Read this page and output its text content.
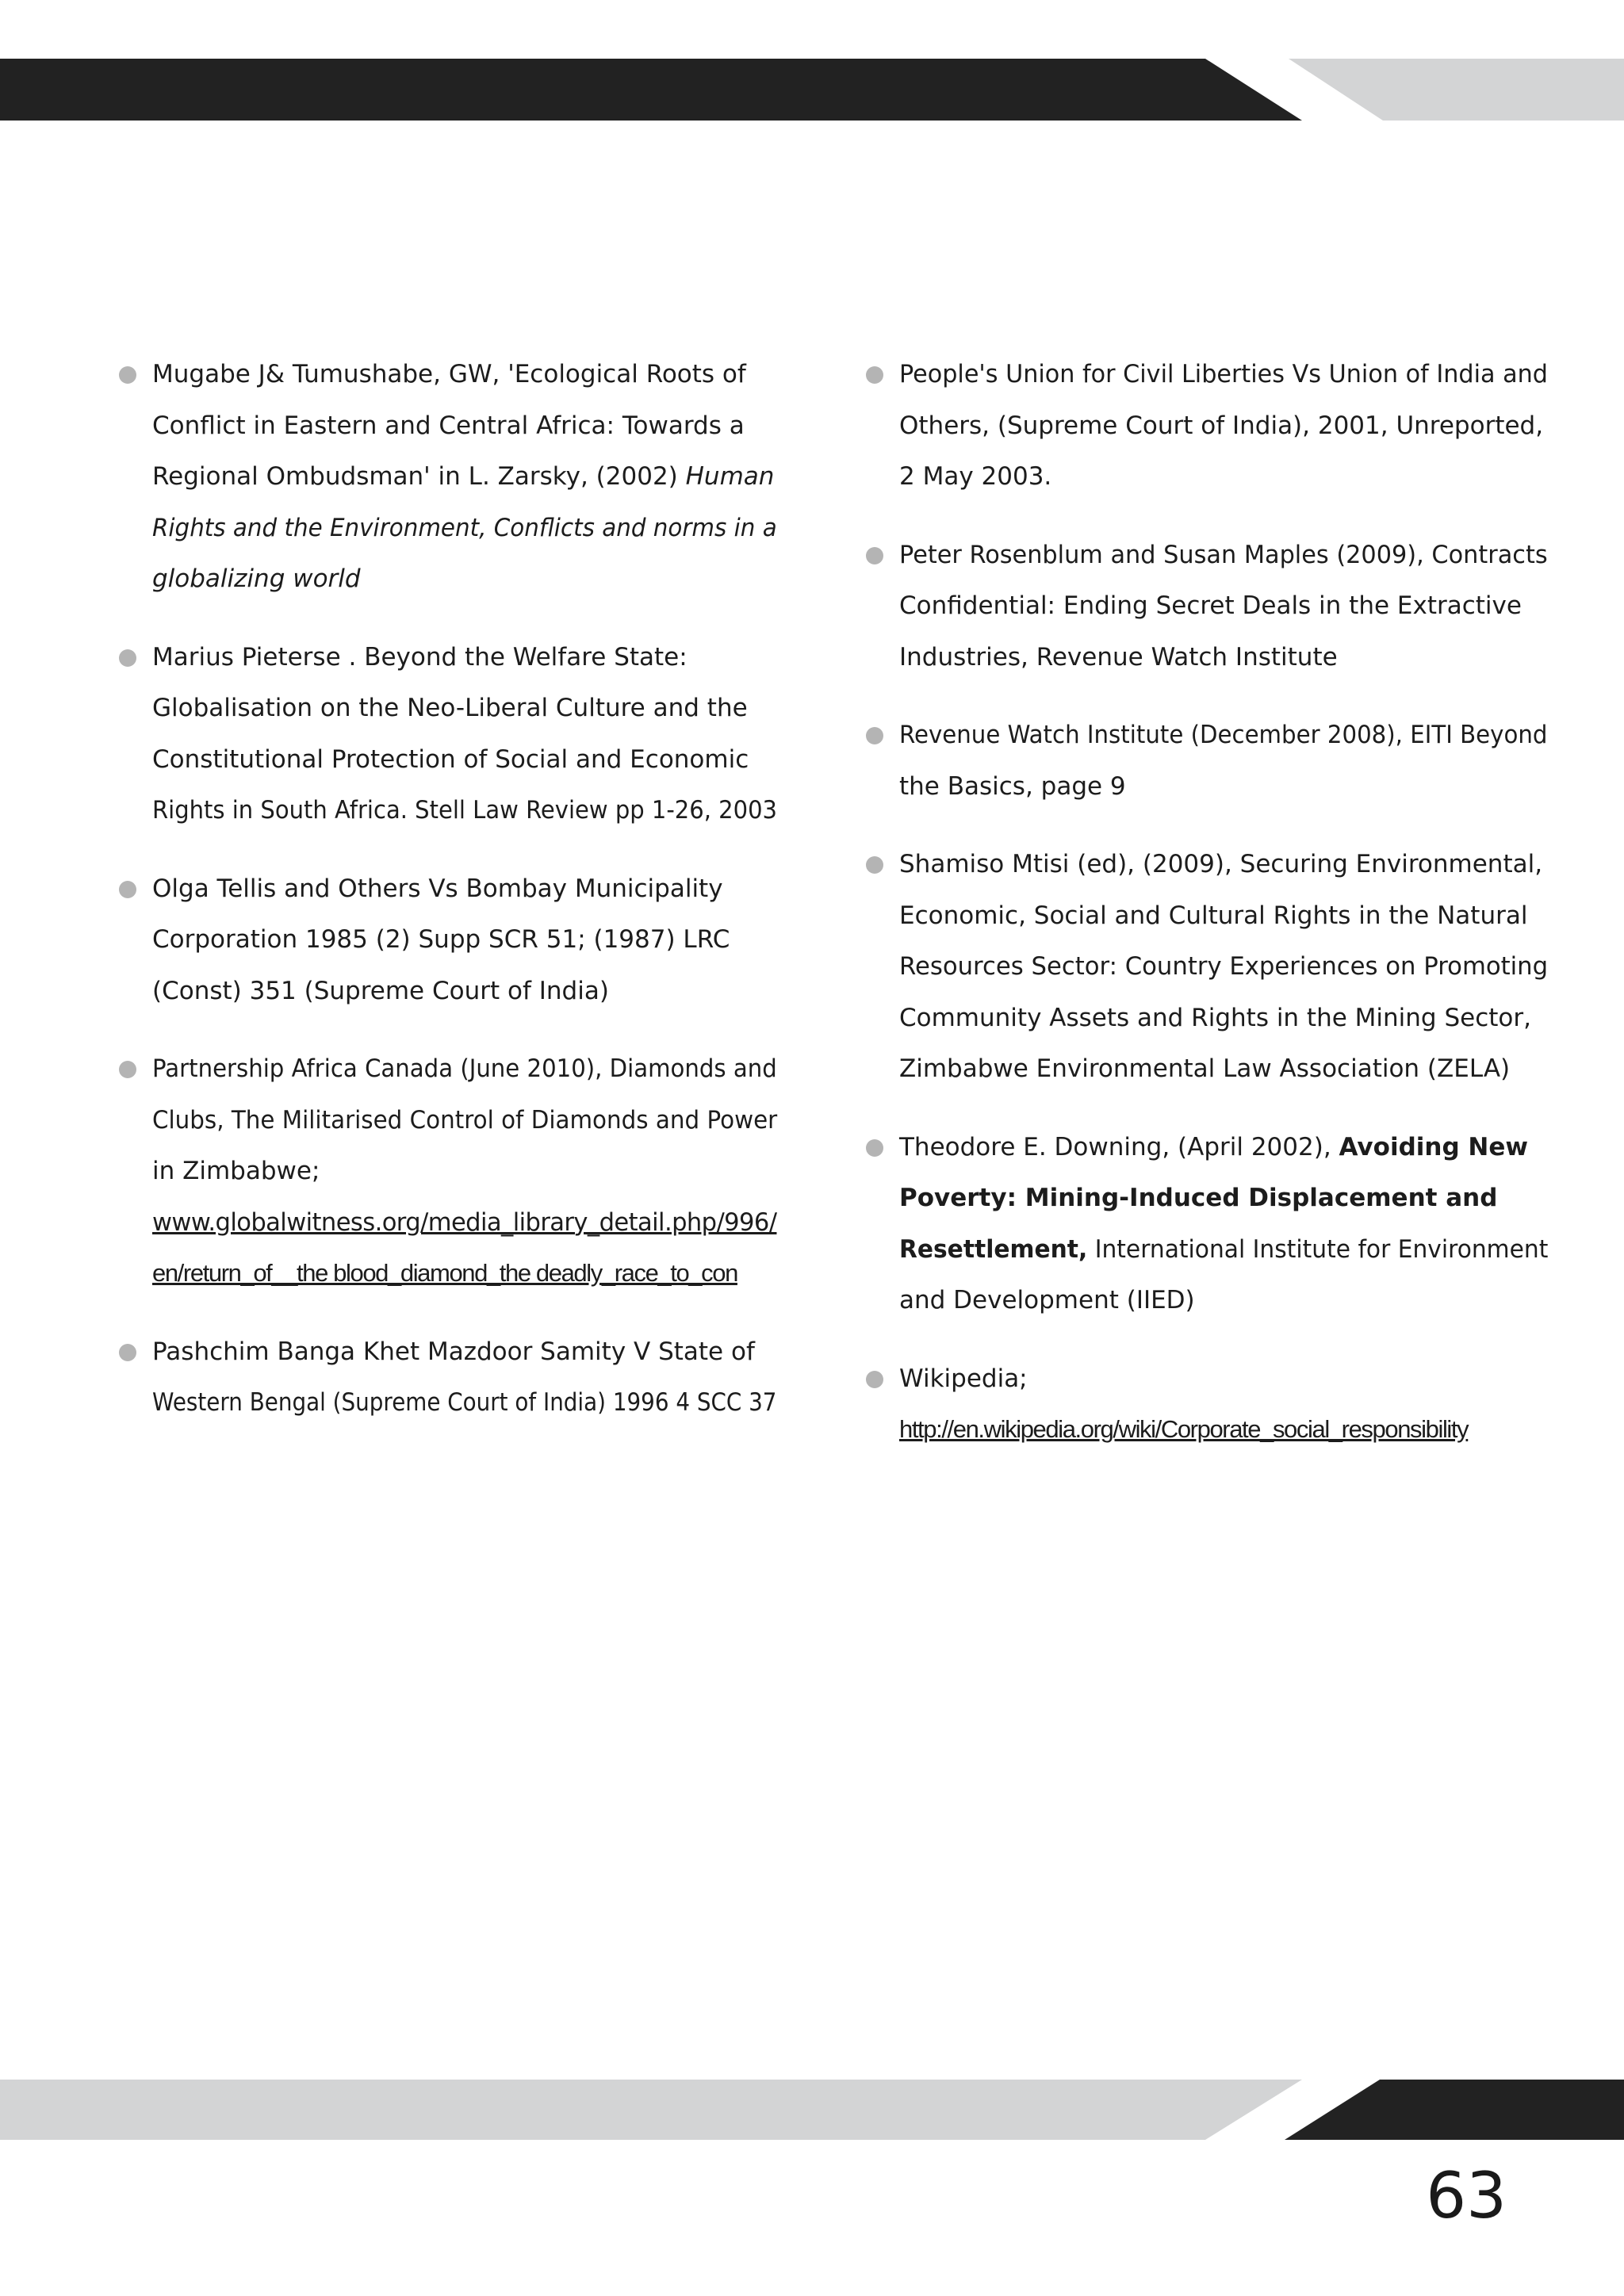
Mugabe J& Tumushabe, GW, 'Ecological Roots of
Conflict in Eastern and Central Africa: Towards a
Regional Ombudsman' in L. Zarsky, (2002) Human
Rights and the Environment, Conflicts and norms in a
globalizing world
Marius Pieterse . Beyond the Welfare State:
Globalisation on the Neo-Liberal Culture and the
Constitutional Protection of Social and Economic
Rights in South Africa. Stell Law Review pp 1-26, 2003
Olga Tellis and Others Vs Bombay Municipality
Corporation 1985 (2) Supp SCR 51; (1987) LRC
(Const) 351 (Supreme Court of India)
Partnership Africa Canada (June 2010), Diamonds and
Clubs, The Militarised Control of Diamonds and Power
in Zimbabwe;
www.globalwitness.org/media_library_detail.php/996/
en/return_of__the blood_diamond_the deadly_race_to_con
Pashchim Banga Khet Mazdoor Samity V State of
Western Bengal (Supreme Court of India) 1996 4 SCC 37
People's Union for Civil Liberties Vs Union of India and
Others, (Supreme Court of India), 2001, Unreported,
2 May 2003.
Peter Rosenblum and Susan Maples (2009), Contracts
Confidential: Ending Secret Deals in the Extractive
Industries, Revenue Watch Institute
Revenue Watch Institute (December 2008), EITI Beyond
the Basics, page 9
Shamiso Mtisi (ed), (2009), Securing Environmental,
Economic, Social and Cultural Rights in the Natural
Resources Sector: Country Experiences on Promoting
Community Assets and Rights in the Mining Sector,
Zimbabwe Environmental Law Association (ZELA)
Theodore E. Downing, (April 2002), Avoiding New
Poverty: Mining-Induced Displacement and
Resettlement, International Institute for Environment
and Development (IIED)
Wikipedia;
http://en.wikipedia.org/wiki/Corporate_social_responsibility
63
